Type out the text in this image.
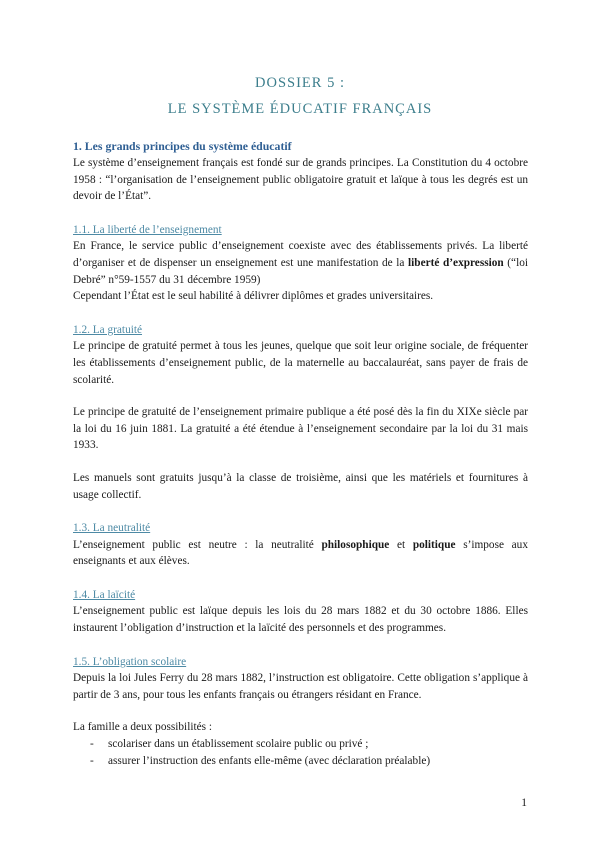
DOSSIER 5 :
LE SYSTÈME ÉDUCATIF FRANÇAIS
1. Les grands principes du système éducatif

Le système d’enseignement français est fondé sur de grands principes. La Constitution du 4 octobre 1958 : “l’organisation de l’enseignement public obligatoire gratuit et laïque à tous les degrés est un devoir de l’État”.

1.1. La liberté de l’enseignement

En France, le service public d’enseignement coexiste avec des établissements privés. La liberté d’organiser et de dispenser un enseignement est une manifestation de la liberté d’expression (“loi Debré” n°59-1557 du 31 décembre 1959)

Cependant l’État est le seul habilité à délivrer diplômes et grades universitaires.

1.2. La gratuité

Le principe de gratuité permet à tous les jeunes, quelque que soit leur origine sociale, de fréquenter les établissements d’enseignement public, de la maternelle au baccalauréat, sans payer de frais de scolarité.

Le principe de gratuité de l’enseignement primaire publique a été posé dès la fin du XIXe siècle par la loi du 16 juin 1881. La gratuité a été étendue à l’enseignement secondaire par la loi du 31 mais 1933.

Les manuels sont gratuits jusqu’à la classe de troisième, ainsi que les matériels et fournitures à usage collectif.

1.3. La neutralité

L’enseignement public est neutre : la neutralité philosophique et politique s’impose aux enseignants et aux élèves.

1.4. La laïcité

L’enseignement public est laïque depuis les lois du 28 mars 1882 et du 30 octobre 1886. Elles instaurent l’obligation d’instruction et la laïcité des personnels et des programmes.

1.5. L’obligation scolaire

Depuis la loi Jules Ferry du 28 mars 1882, l’instruction est obligatoire. Cette obligation s’applique à partir de 3 ans, pour tous les enfants français ou étrangers résidant en France.

La famille a deux possibilités :

- scolariser dans un établissement scolaire public ou privé ;
- assurer l’instruction des enfants elle-même (avec déclaration préalable)
1
